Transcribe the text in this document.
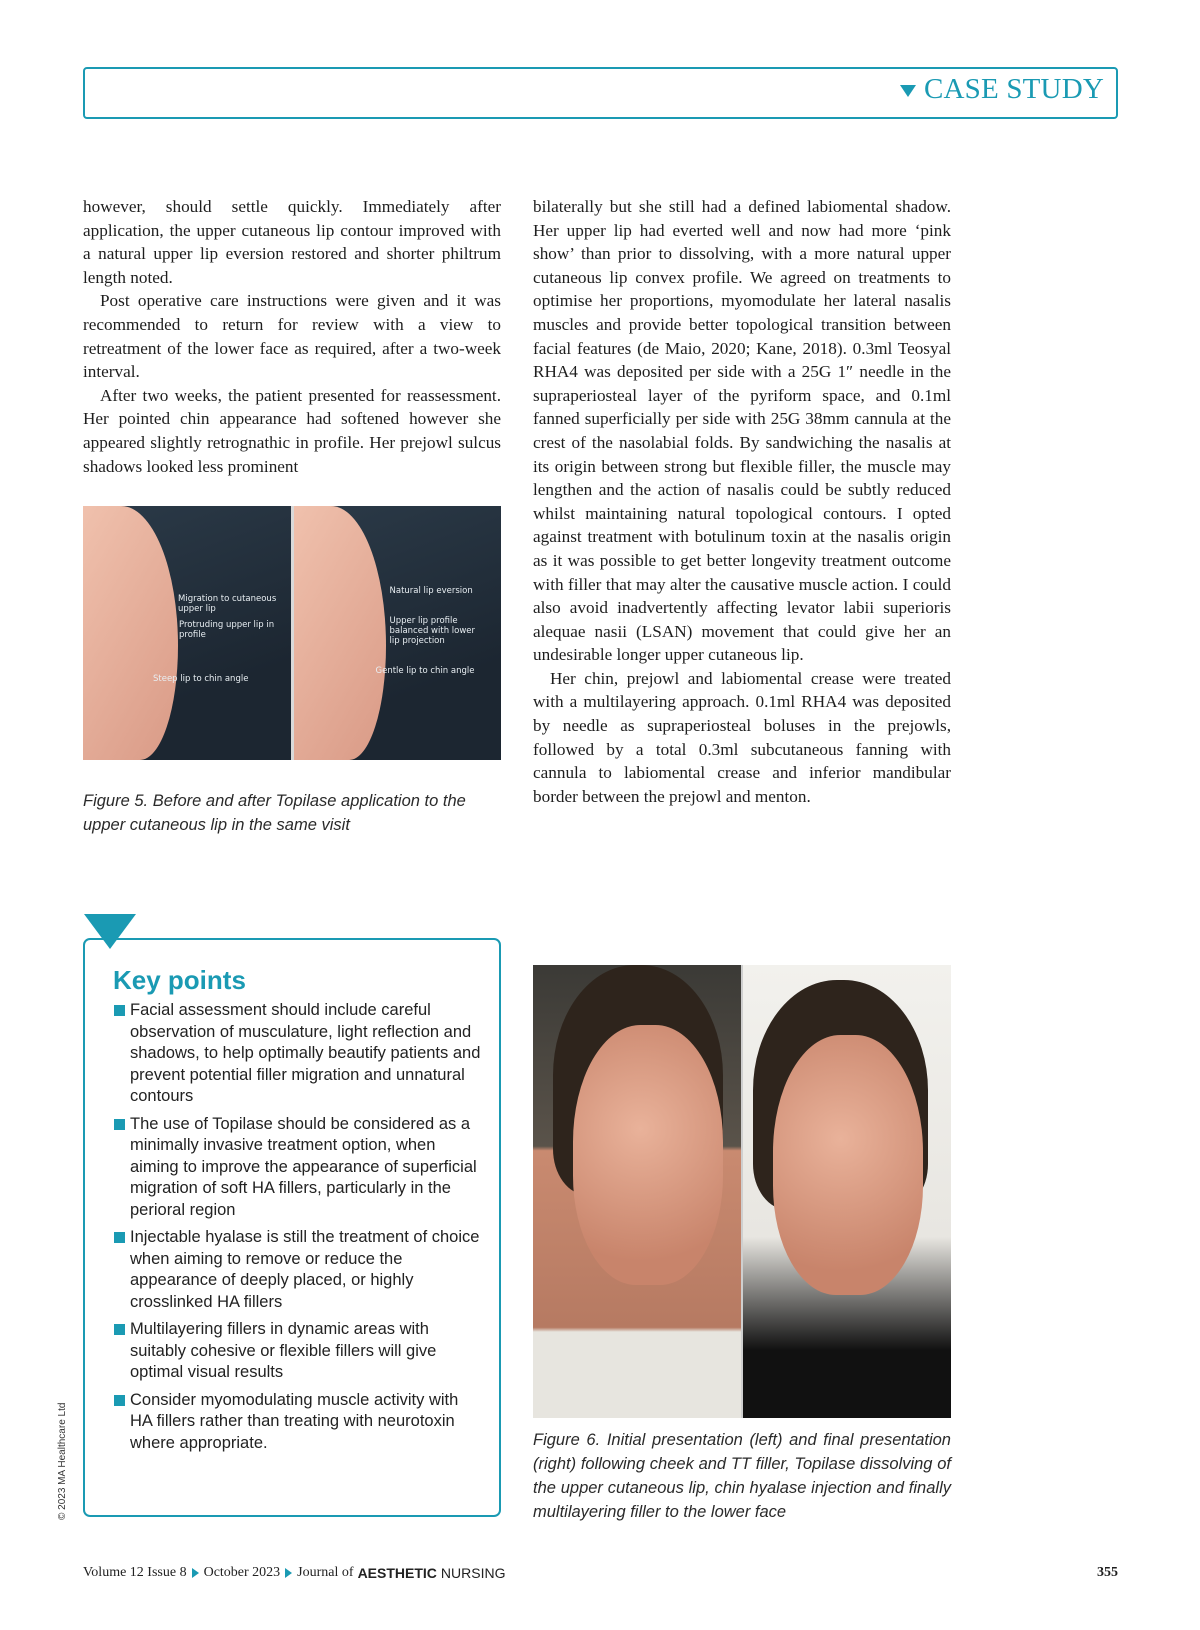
CASE STUDY

however, should settle quickly. Immediately after application, the upper cutaneous lip contour improved with a natural upper lip eversion restored and shorter philtrum length noted.

Post operative care instructions were given and it was recommended to return for review with a view to retreatment of the lower face as required, after a two-week interval.

After two weeks, the patient presented for reassessment. Her pointed chin appearance had softened however she appeared slightly retrognathic in profile. Her prejowl sulcus shadows looked less prominent

bilaterally but she still had a defined labiomental shadow. Her upper lip had everted well and now had more ‘pink show’ than prior to dissolving, with a more natural upper cutaneous lip convex profile. We agreed on treatments to optimise her proportions, myomodulate her lateral nasalis muscles and provide better topological transition between facial features (de Maio, 2020; Kane, 2018). 0.3ml Teosyal RHA4 was deposited per side with a 25G 1″ needle in the supraperiosteal layer of the pyriform space, and 0.1ml fanned superficially per side with 25G 38mm cannula at the crest of the nasolabial folds. By sandwiching the nasalis at its origin between strong but flexible filler, the muscle may lengthen and the action of nasalis could be subtly reduced whilst maintaining natural topological contours. I opted against treatment with botulinum toxin at the nasalis origin as it was possible to get better longevity treatment outcome with filler that may alter the causative muscle action. I could also avoid inadvertently affecting levator labii superioris alequae nasii (LSAN) movement that could give her an undesirable longer upper cutaneous lip.

Her chin, prejowl and labiomental crease were treated with a multilayering approach. 0.1ml RHA4 was deposited by needle as supraperiosteal boluses in the prejowls, followed by a total 0.3ml subcutaneous fanning with cannula to labiomental crease and inferior mandibular border between the prejowl and menton.

Migration to cutaneous upper lip
Protruding upper lip in profile
Steep lip to chin angle
Natural lip eversion
Upper lip profile balanced with lower lip projection
Gentle lip to chin angle
Figure 5. Before and after Topilase application to the upper cutaneous lip in the same visit
Key points
Facial assessment should include careful observation of musculature, light reflection and shadows, to help optimally beautify patients and prevent potential filler migration and unnatural contours
The use of Topilase should be considered as a minimally invasive treatment option, when aiming to improve the appearance of superficial migration of soft HA fillers, particularly in the perioral region
Injectable hyalase is still the treatment of choice when aiming to remove or reduce the appearance of deeply placed, or highly crosslinked HA fillers
Multilayering fillers in dynamic areas with suitably cohesive or flexible fillers will give optimal visual results
Consider myomodulating muscle activity with HA fillers rather than treating with neurotoxin where appropriate.	Figure 6. Initial presentation (left) and final presentation (right) following cheek and TT filler, Topilase dissolving of the upper cutaneous lip, chin hyalase injection and finally multilayering filler to the lower face
© 2023 MA Healthcare Ltd
Volume 12 Issue 8 October 2023 Journal of AESTHETIC NURSING	355
